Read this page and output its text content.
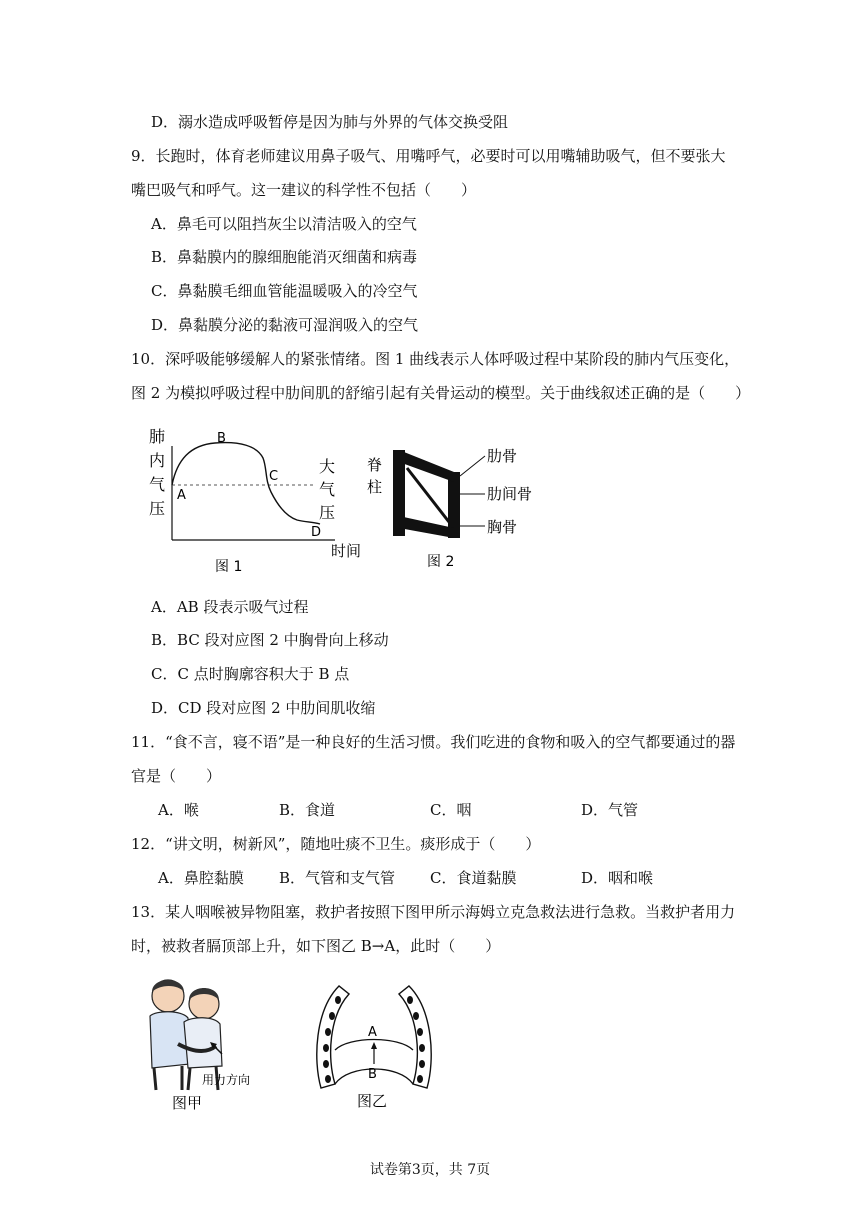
D．溺水造成呼吸暂停是因为肺与外界的气体交换受阻
9．长跑时，体育老师建议用鼻子吸气、用嘴呼气，必要时可以用嘴辅助吸气，但不要张大
嘴巴吸气和呼气。这一建议的科学性不包括（　　）
A．鼻毛可以阻挡灰尘以清洁吸入的空气
B．鼻黏膜内的腺细胞能消灭细菌和病毒
C．鼻黏膜毛细血管能温暖吸入的冷空气
D．鼻黏膜分泌的黏液可湿润吸入的空气
10．深呼吸能够缓解人的紧张情绪。图 1 曲线表示人体呼吸过程中某阶段的肺内气压变化，
图 2 为模拟呼吸过程中肋间肌的舒缩引起有关骨运动的模型。关于曲线叙述正确的是（　　）
肺
内
气
压
B
A
C
D
大
气
压
时间
图 1
脊
柱
肋骨
肋间骨
胸骨
图 2
A．AB 段表示吸气过程
B．BC 段对应图 2 中胸骨向上移动
C．C 点时胸廓容积大于 B 点
D．CD 段对应图 2 中肋间肌收缩
11．“食不言，寝不语”是一种良好的生活习惯。我们吃进的食物和吸入的空气都要通过的器
官是（　　）
A．喉	B．食道	C．咽	D．气管
12．“讲文明，树新风”，随地吐痰不卫生。痰形成于（　　）
A．鼻腔黏膜 B．气管和支气管 C．食道黏膜	D．咽和喉
13．某人咽喉被异物阻塞，救护者按照下图甲所示海姆立克急救法进行急救。当救护者用力
时，被救者膈顶部上升，如下图乙 B→A，此时（　　）
用力方向
图甲
A
B
图乙
试卷第3页，共 7页
